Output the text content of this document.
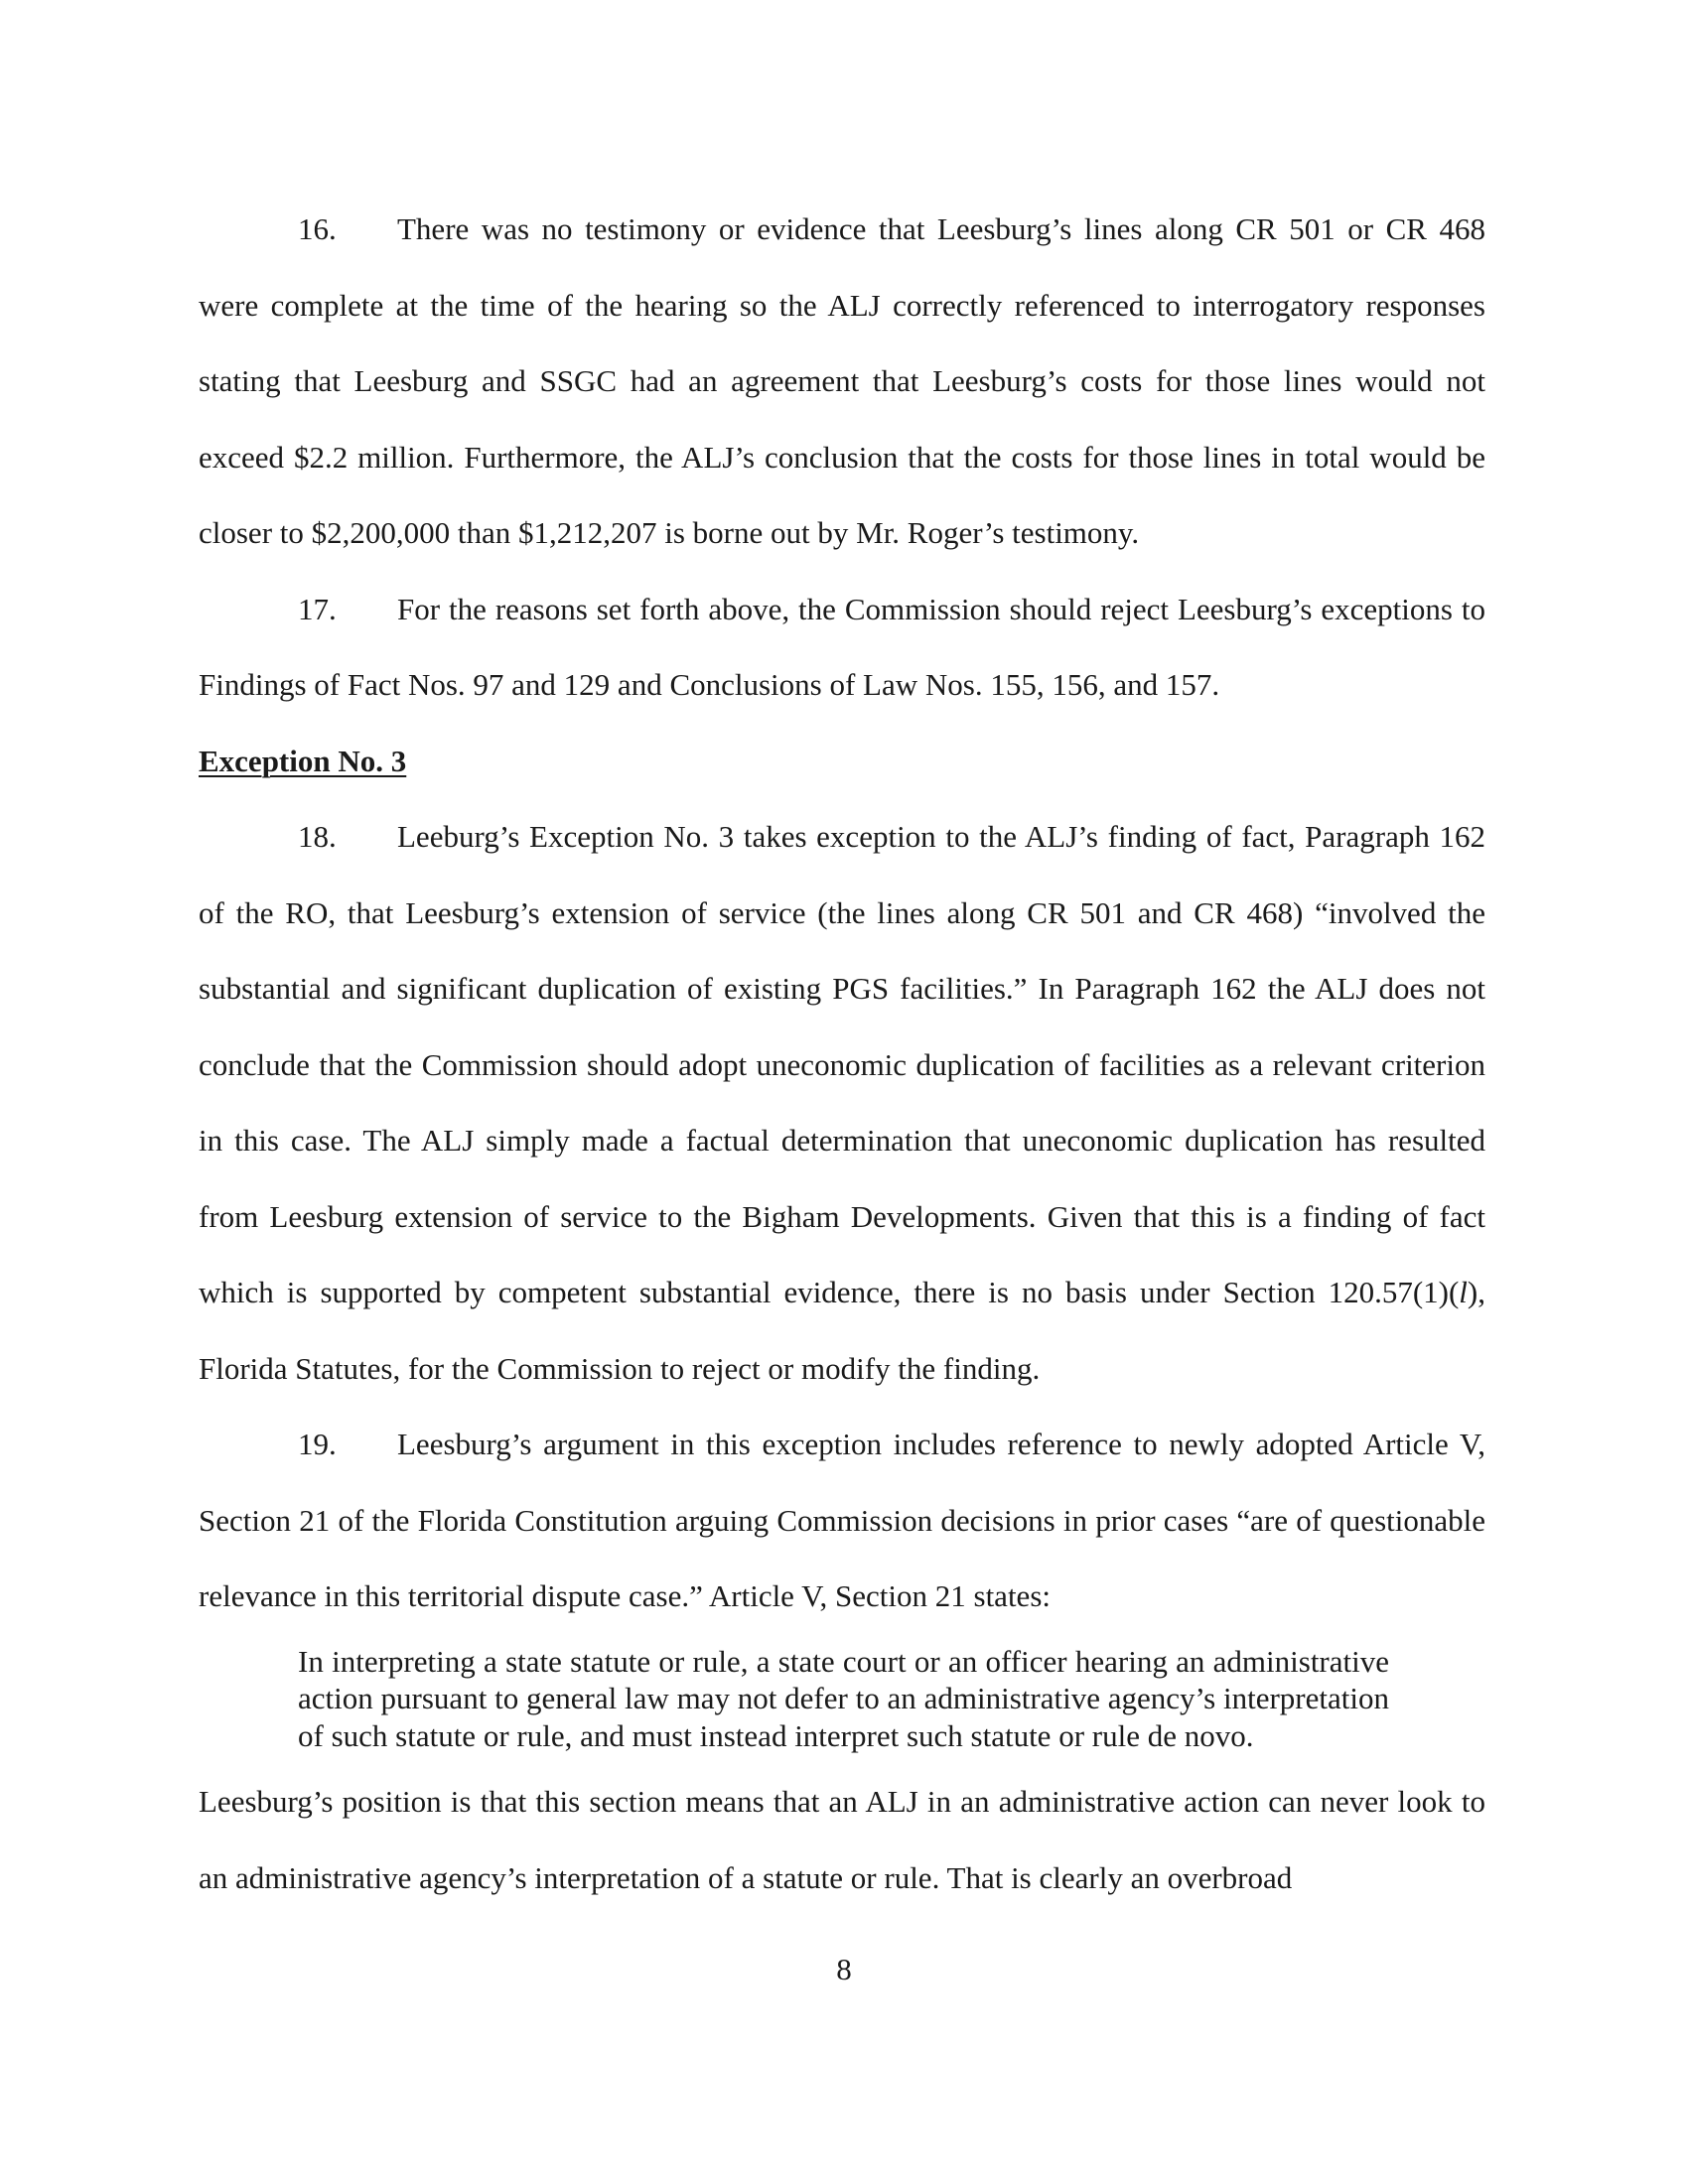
16. There was no testimony or evidence that Leesburg’s lines along CR 501 or CR 468 were complete at the time of the hearing so the ALJ correctly referenced to interrogatory responses stating that Leesburg and SSGC had an agreement that Leesburg’s costs for those lines would not exceed $2.2 million. Furthermore, the ALJ’s conclusion that the costs for those lines in total would be closer to $2,200,000 than $1,212,207 is borne out by Mr. Roger’s testimony.

17. For the reasons set forth above, the Commission should reject Leesburg’s exceptions to Findings of Fact Nos. 97 and 129 and Conclusions of Law Nos. 155, 156, and 157.

Exception No. 3

18. Leeburg’s Exception No. 3 takes exception to the ALJ’s finding of fact, Paragraph 162 of the RO, that Leesburg’s extension of service (the lines along CR 501 and CR 468) “involved the substantial and significant duplication of existing PGS facilities.” In Paragraph 162 the ALJ does not conclude that the Commission should adopt uneconomic duplication of facilities as a relevant criterion in this case. The ALJ simply made a factual determination that uneconomic duplication has resulted from Leesburg extension of service to the Bigham Developments. Given that this is a finding of fact which is supported by competent substantial evidence, there is no basis under Section 120.57(1)(l), Florida Statutes, for the Commission to reject or modify the finding.

19. Leesburg’s argument in this exception includes reference to newly adopted Article V, Section 21 of the Florida Constitution arguing Commission decisions in prior cases “are of questionable relevance in this territorial dispute case.” Article V, Section 21 states:

In interpreting a state statute or rule, a state court or an officer hearing an administrative action pursuant to general law may not defer to an administrative agency’s interpretation of such statute or rule, and must instead interpret such statute or rule de novo.

Leesburg’s position is that this section means that an ALJ in an administrative action can never look to an administrative agency’s interpretation of a statute or rule. That is clearly an overbroad

8
